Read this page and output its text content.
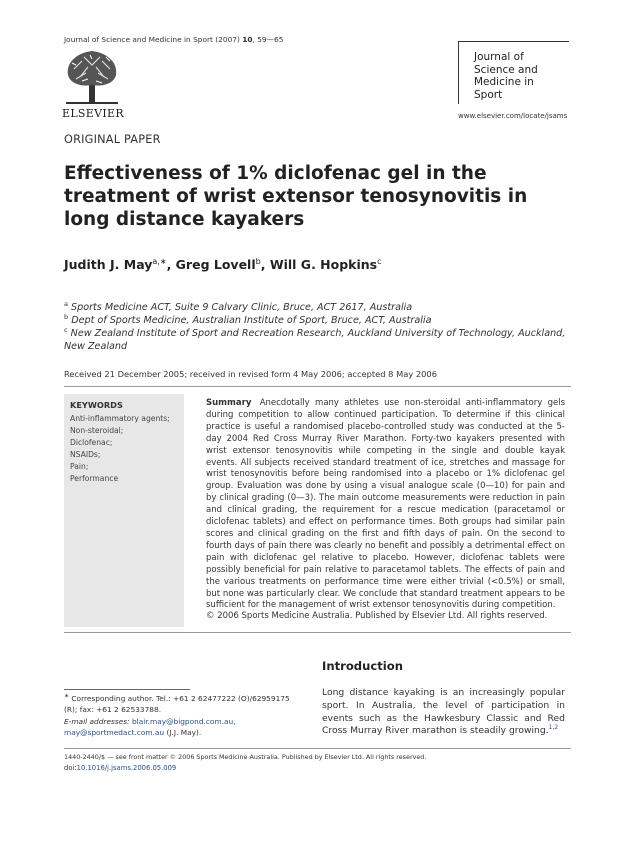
Journal of Science and Medicine in Sport (2007) 10, 59—65
ELSEVIER
Journal of
Science and
Medicine in
Sport
www.elsevier.com/locate/jsams
ORIGINAL PAPER
Effectiveness of 1% diclofenac gel in the treatment of wrist extensor tenosynovitis in long distance kayakers
Judith J. May$^{a,∗}$, Greg Lovell$^b$, Will G. Hopkins$^c$
$^a$ Sports Medicine ACT, Suite 9 Calvary Clinic, Bruce, ACT 2617, Australia
$^b$ Dept of Sports Medicine, Australian Institute of Sport, Bruce, ACT, Australia
$^c$ New Zealand Institute of Sport and Recreation Research, Auckland University of Technology, Auckland, New Zealand
Received 21 December 2005; received in revised form 4 May 2006; accepted 8 May 2006
KEYWORDS
Anti-inflammatory agents;
Non-steroidal;
Diclofenac;
NSAIDs;
Pain;
Performance
Summary Anecdotally many athletes use non-steroidal anti-inflammatory gels during competition to allow continued participation. To determine if this clinical practice is useful a randomised placebo-controlled study was conducted at the 5-day 2004 Red Cross Murray River Marathon. Forty-two kayakers presented with wrist extensor tenosynovitis while competing in the single and double kayak events. All subjects received standard treatment of ice, stretches and massage for wrist tenosynovitis before being randomised into a placebo or 1% diclofenac gel group. Evaluation was done by using a visual analogue scale (0—10) for pain and by clinical grading (0—3). The main outcome measurements were reduction in pain and clinical grading, the requirement for a rescue medication (paracetamol or diclofenac tablets) and effect on performance times. Both groups had similar pain scores and clinical grading on the first and fifth days of pain. On the second to fourth days of pain there was clearly no benefit and possibly a detrimental effect on pain with diclofenac gel relative to placebo. However, diclofenac tablets were possibly beneficial for pain relative to paracetamol tablets. The effects of pain and the various treatments on performance time were either trivial (<0.5%) or small, but none was particularly clear. We conclude that standard treatment appears to be sufficient for the management of wrist extensor tenosynovitis during competition.
© 2006 Sports Medicine Australia. Published by Elsevier Ltd. All rights reserved.
Introduction
Long distance kayaking is an increasingly popular sport. In Australia, the level of participation in events such as the Hawkesbury Classic and Red Cross Murray River marathon is steadily growing.$^{1,2}$
∗ Corresponding author. Tel.: +61 2 62477222 (O)/62959175 (R); fax: +61 2 62533788.
E-mail addresses: blair.may@bigpond.com.au, may@sportmedact.com.au (J.J. May).
1440-2440/$ — see front matter © 2006 Sports Medicine Australia. Published by Elsevier Ltd. All rights reserved.
doi:10.1016/j.jsams.2006.05.009
